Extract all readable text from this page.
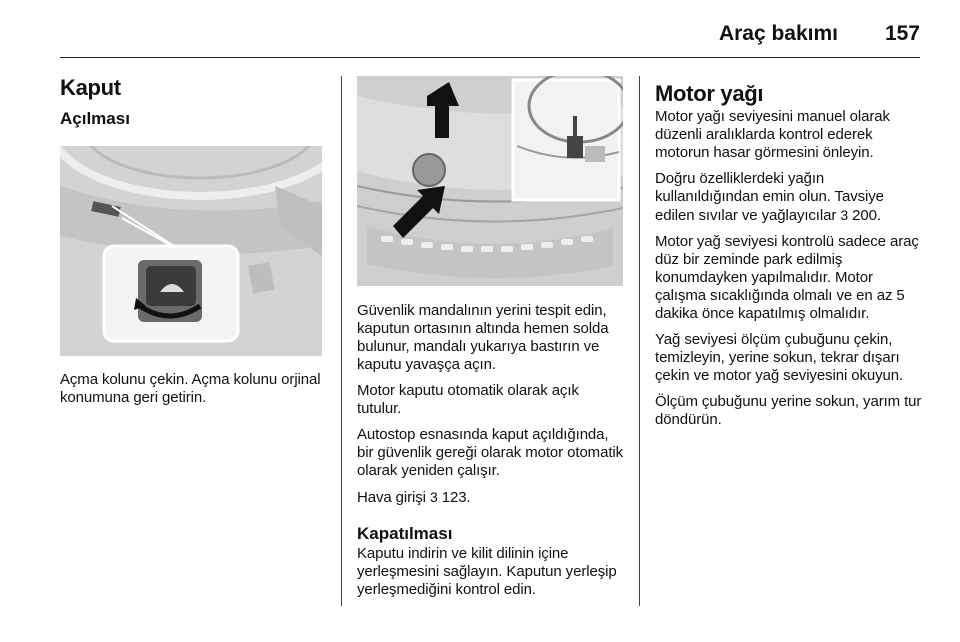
Araç bakımı 157
Kaput
Açılması

Açma kolunu çekin. Açma kolunu orjinal konumuna geri getirin.

Güvenlik mandalının yerini tespit edin, kaputun ortasının altında hemen solda bulunur, mandalı yukarıya bastırın ve kaputu yavaşça açın.

Motor kaputu otomatik olarak açık tutulur.

Autostop esnasında kaput açıldığında, bir güvenlik gereği olarak motor otomatik olarak yeniden çalışır.

Hava girişi 3 123.

Kapatılması

Kaputu indirin ve kilit dilinin içine yerleşmesini sağlayın. Kaputun yerleşip yerleşmediğini kontrol edin.

Motor yağı

Motor yağı seviyesini manuel olarak düzenli aralıklarda kontrol ederek motorun hasar görmesini önleyin.

Doğru özelliklerdeki yağın kullanıldığından emin olun. Tavsiye edilen sıvılar ve yağlayıcılar 3 200.

Motor yağ seviyesi kontrolü sadece araç düz bir zeminde park edilmiş konumdayken yapılmalıdır. Motor çalışma sıcaklığında olmalı ve en az 5 dakika önce kapatılmış olmalıdır.

Yağ seviyesi ölçüm çubuğunu çekin, temizleyin, yerine sokun, tekrar dışarı çekin ve motor yağ seviyesini okuyun.

Ölçüm çubuğunu yerine sokun, yarım tur döndürün.
